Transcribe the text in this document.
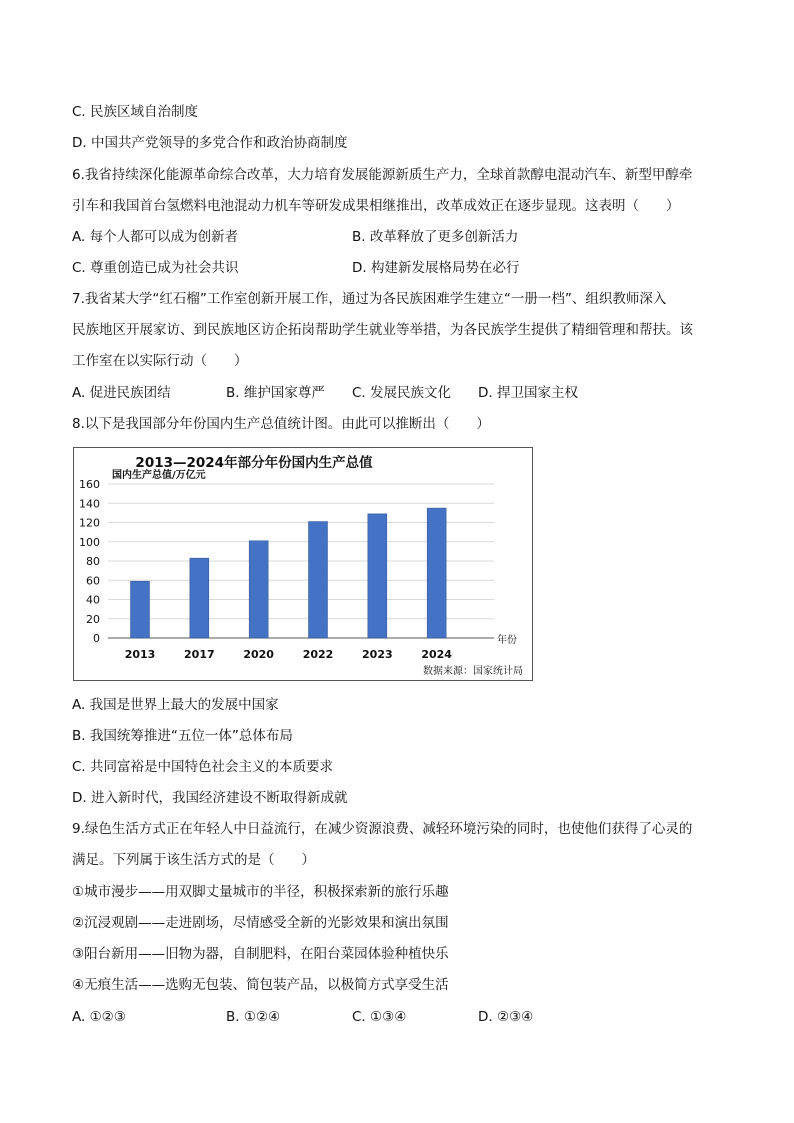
C. 民族区域自治制度
D. 中国共产党领导的多党合作和政治协商制度
6.我省持续深化能源革命综合改革，大力培育发展能源新质生产力，全球首款醇电混动汽车、新型甲醇牵
引车和我国首台氢燃料电池混动力机车等研发成果相继推出，改革成效正在逐步显现。这表明（　　）
A. 每个人都可以成为创新者	B. 改革释放了更多创新活力
C. 尊重创造已成为社会共识	D. 构建新发展格局势在必行
7.我省某大学“红石榴”工作室创新开展工作，通过为各民族困难学生建立“一册一档”、组织教师深入
民族地区开展家访、到民族地区访企拓岗帮助学生就业等举措，为各民族学生提供了精细管理和帮扶。该
工作室在以实际行动（　　）
A. 促进民族团结	B. 维护国家尊严 C. 发展民族文化 D. 捍卫国家主权
8.以下是我国部分年份国内生产总值统计图。由此可以推断出（　　）
2013—2024年部分年份国内生产总值
0
20
40
60
80
100
120
140
160
国内生产总值/万亿元
2013	2017	2020	2022	2023	2024
年份
数据来源：国家统计局
A. 我国是世界上最大的发展中国家
B. 我国统筹推进“五位一体”总体布局
C. 共同富裕是中国特色社会主义的本质要求
D. 进入新时代，我国经济建设不断取得新成就
9.绿色生活方式正在年轻人中日益流行，在减少资源浪费、减轻环境污染的同时，也使他们获得了心灵的
满足。下列属于该生活方式的是（　　）
①城市漫步——用双脚丈量城市的半径，积极探索新的旅行乐趣
②沉浸观剧——走进剧场，尽情感受全新的光影效果和演出氛围
③阳台新用——旧物为器，自制肥料，在阳台菜园体验种植快乐
④无痕生活——选购无包装、简包装产品，以极简方式享受生活
A. ①②③	B. ①②④	C. ①③④	D. ②③④
